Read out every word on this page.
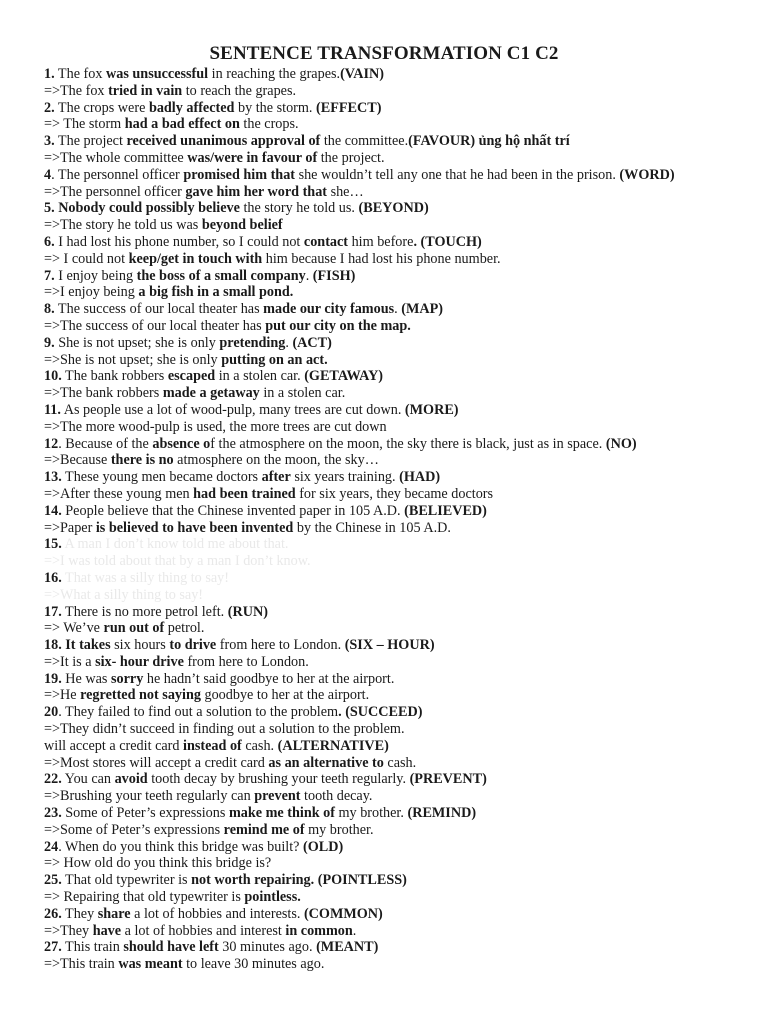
SENTENCE TRANSFORMATION C1 C2
1. The fox was unsuccessful in reaching the grapes.(VAIN)
=>The fox tried in vain to reach the grapes.
2. The crops were badly affected by the storm. (EFFECT)
=> The storm had a bad effect on the crops.
3. The project received unanimous approval of the committee.(FAVOUR) ủng hộ nhất trí
=>The whole committee was/were in favour of the project.
4. The personnel officer promised him that she wouldn’t tell any one that he had been in the prison. (WORD)
=>The personnel officer gave him her word that she…
5. Nobody could possibly believe the story he told us. (BEYOND)
=>The story he told us was beyond belief
6. I had lost his phone number, so I could not contact him before. (TOUCH)
=> I could not keep/get in touch with him because I had lost his phone number.
7. I enjoy being the boss of a small company. (FISH)
=>I enjoy being a big fish in a small pond.
8. The success of our local theater has made our city famous. (MAP)
=>The success of our local theater has put our city on the map.
9. She is not upset; she is only pretending. (ACT)
=>She is not upset; she is only putting on an act.
10. The bank robbers escaped in a stolen car. (GETAWAY)
=>The bank robbers made a getaway in a stolen car.
11. As people use a lot of wood-pulp, many trees are cut down. (MORE)
=>The more wood-pulp is used, the more trees are cut down
12. Because of the absence of the atmosphere on the moon, the sky there is black, just as in space. (NO)
=>Because there is no atmosphere on the moon, the sky…
13. These young men became doctors after six years training. (HAD)
=>After these young men had been trained for six years, they became doctors
14. People believe that the Chinese invented paper in 105 A.D. (BELIEVED)
=>Paper is believed to have been invented by the Chinese in 105 A.D.
15. A man I don’t know told me about that.
=>I was told about that by a man I don’t know.
16. That was a silly thing to say!
=>What a silly thing to say!
17. There is no more petrol left. (RUN)
=> We’ve run out of petrol.
18. It takes six hours to drive from here to London. (SIX – HOUR)
=>It is a six- hour drive from here to London.
19. He was sorry he hadn’t said goodbye to her at the airport.
=>He regretted not saying goodbye to her at the airport.
20. They failed to find out a solution to the problem. (SUCCEED)
=>They didn’t succeed in finding out a solution to the problem.
will accept a credit card instead of cash. (ALTERNATIVE)
=>Most stores will accept a credit card as an alternative to cash.
22. You can avoid tooth decay by brushing your teeth regularly. (PREVENT)
=>Brushing your teeth regularly can prevent tooth decay.
23. Some of Peter’s expressions make me think of my brother. (REMIND)
=>Some of Peter’s expressions remind me of my brother.
24. When do you think this bridge was built? (OLD)
=> How old do you think this bridge is?
25. That old typewriter is not worth repairing. (POINTLESS)
=> Repairing that old typewriter is pointless.
26. They share a lot of hobbies and interests. (COMMON)
=>They have a lot of hobbies and interest in common.
27. This train should have left 30 minutes ago. (MEANT)
=>This train was meant to leave 30 minutes ago.
